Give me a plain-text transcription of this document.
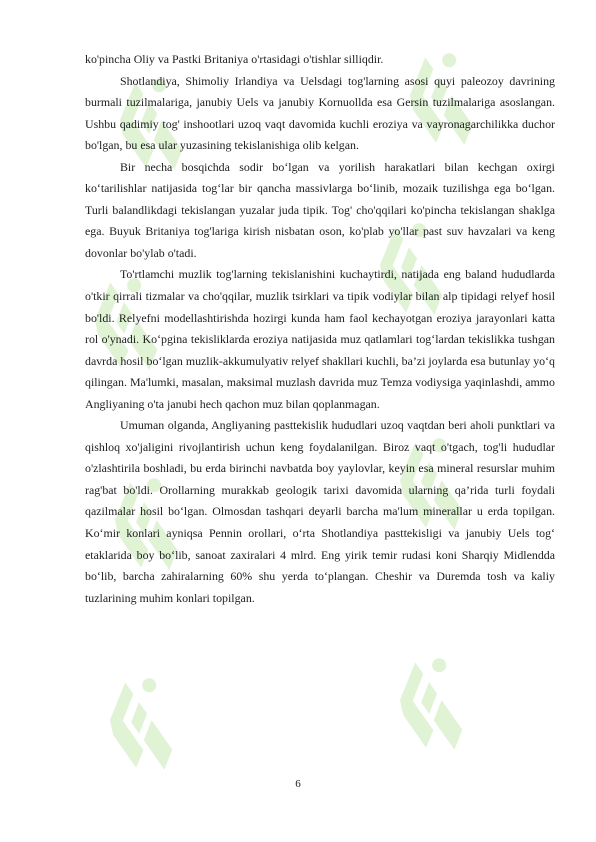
ko'pincha Oliy va Pastki Britaniya o'rtasidagi o'tishlar silliqdir.

Shotlandiya, Shimoliy Irlandiya va Uelsdagi tog'larning asosi quyi paleozoy davrining burmali tuzilmalariga, janubiy Uels va janubiy Kornuollda esa Gersin tuzilmalariga asoslangan. Ushbu qadimiy tog' inshootlari uzoq vaqt davomida kuchli eroziya va vayronagarchilikka duchor bo'lgan, bu esa ular yuzasining tekislanishiga olib kelgan.

Bir necha bosqichda sodir bo‘lgan va yorilish harakatlari bilan kechgan oxirgi ko‘tarilishlar natijasida tog‘lar bir qancha massivlarga bo‘linib, mozaik tuzilishga ega bo‘lgan. Turli balandlikdagi tekislangan yuzalar juda tipik. Tog' cho'qqilari ko'pincha tekislangan shaklga ega. Buyuk Britaniya tog'lariga kirish nisbatan oson, ko'plab yo'llar past suv havzalari va keng dovonlar bo'ylab o'tadi.

To'rtlamchi muzlik tog'larning tekislanishini kuchaytirdi, natijada eng baland hududlarda o'tkir qirrali tizmalar va cho'qqilar, muzlik tsirklari va tipik vodiylar bilan alp tipidagi relyef hosil bo'ldi. Relyefni modellashtirishda hozirgi kunda ham faol kechayotgan eroziya jarayonlari katta rol o'ynadi. Ko‘pgina tekisliklarda eroziya natijasida muz qatlamlari tog‘lardan tekislikka tushgan davrda hosil bo‘lgan muzlik-akkumulyativ relyef shakllari kuchli, ba’zi joylarda esa butunlay yo‘q qilingan. Ma'lumki, masalan, maksimal muzlash davrida muz Temza vodiysiga yaqinlashdi, ammo Angliyaning o'ta janubi hech qachon muz bilan qoplanmagan.

Umuman olganda, Angliyaning pasttekislik hududlari uzoq vaqtdan beri aholi punktlari va qishloq xo'jaligini rivojlantirish uchun keng foydalanilgan. Biroz vaqt o'tgach, tog'li hududlar o'zlashtirila boshladi, bu erda birinchi navbatda boy yaylovlar, keyin esa mineral resurslar muhim rag'bat bo'ldi. Orollarning murakkab geologik tarixi davomida ularning qa’rida turli foydali qazilmalar hosil bo‘lgan. Olmosdan tashqari deyarli barcha ma'lum minerallar u erda topilgan. Ko‘mir konlari ayniqsa Pennin orollari, o‘rta Shotlandiya pasttekisligi va janubiy Uels tog‘ etaklarida boy bo‘lib, sanoat zaxiralari 4 mlrd. Eng yirik temir rudasi koni Sharqiy Midlendda bo‘lib, barcha zahiralarning 60% shu yerda to‘plangan. Cheshir va Duremda tosh va kaliy tuzlarining muhim konlari topilgan.

6
